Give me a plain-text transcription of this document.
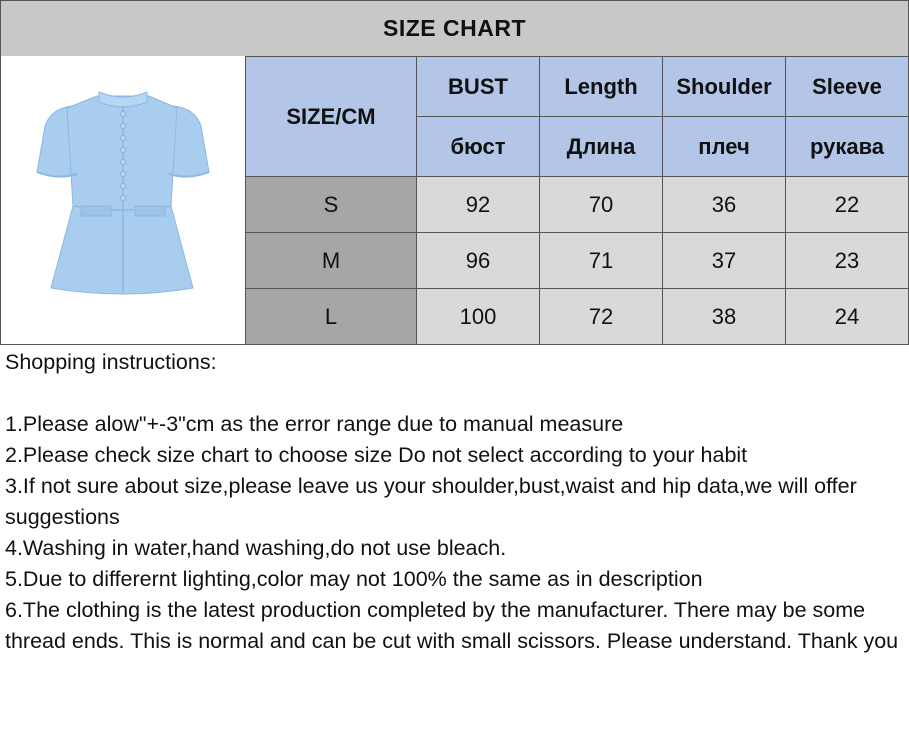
SIZE CHART
SIZE/CM	BUST	Length	Shoulder	Sleeve
	бюст	Длина	плеч	рукава
S	92	70	36	22
M	96	71	37	23
L	100	72	38	24
Shopping instructions:
1.Please alow"+-3"cm as the error range due to manual measure
2.Please check size chart to choose size Do not select according to your habit
3.If not sure about size,please leave us your shoulder,bust,waist and hip data,we will offer suggestions
4.Washing in water,hand washing,do not use bleach.
5.Due to differernt lighting,color may not 100% the same as in description
6.The clothing is the latest production completed by the manufacturer. There may be some thread ends. This is normal and can be cut with small scissors. Please understand. Thank you
